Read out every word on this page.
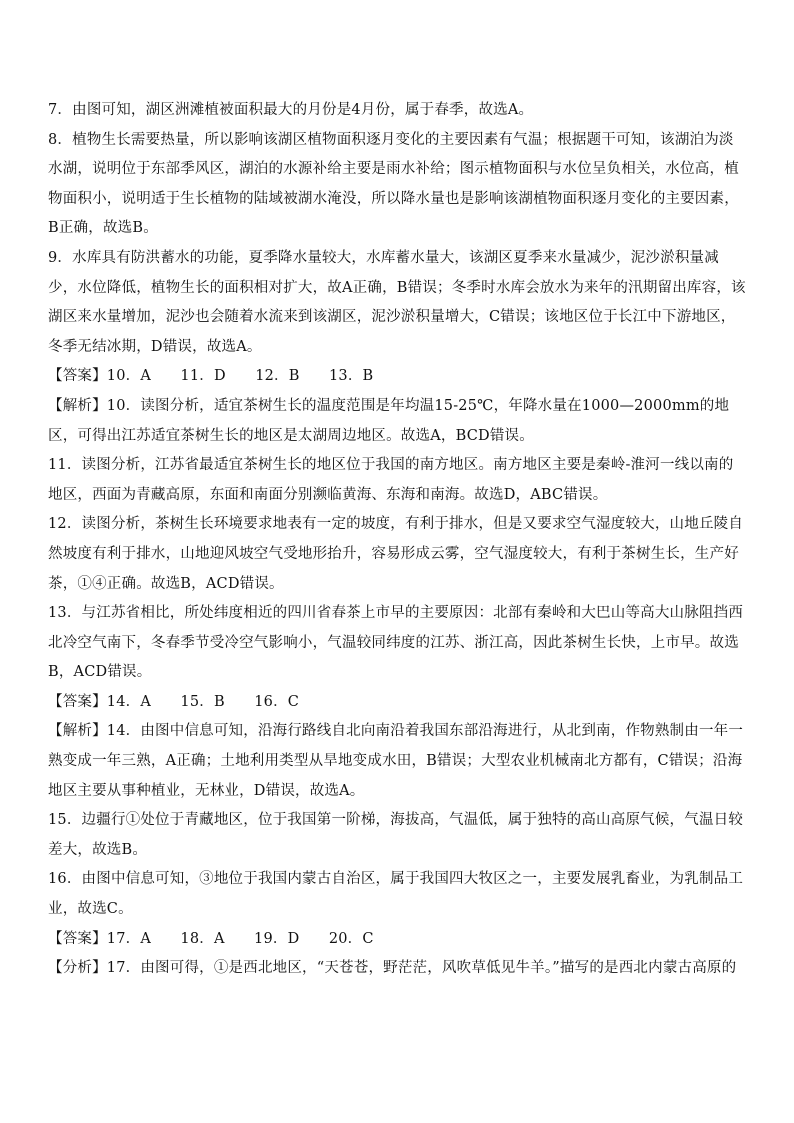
7．由图可知，湖区洲滩植被面积最大的月份是4月份，属于春季，故选A。

8．植物生长需要热量，所以影响该湖区植物面积逐月变化的主要因素有气温；根据题干可知，该湖泊为淡水湖，说明位于东部季风区，湖泊的水源补给主要是雨水补给；图示植物面积与水位呈负相关，水位高，植物面积小，说明适于生长植物的陆域被湖水淹没，所以降水量也是影响该湖植物面积逐月变化的主要因素，B正确，故选B。

9．水库具有防洪蓄水的功能，夏季降水量较大，水库蓄水量大，该湖区夏季来水量减少，泥沙淤积量减少，水位降低，植物生长的面积相对扩大，故A正确，B错误；冬季时水库会放水为来年的汛期留出库容，该湖区来水量增加，泥沙也会随着水流来到该湖区，泥沙淤积量增大，C错误；该地区位于长江中下游地区，冬季无结冰期，D错误，故选A。

【答案】10．A　　11．D　　12．B　　13．B

【解析】10．读图分析，适宜茶树生长的温度范围是年均温15-25℃，年降水量在1000—2000mm的地区，可得出江苏适宜茶树生长的地区是太湖周边地区。故选A，BCD错误。

11．读图分析，江苏省最适宜茶树生长的地区位于我国的南方地区。南方地区主要是秦岭-淮河一线以南的地区，西面为青藏高原，东面和南面分别濒临黄海、东海和南海。故选D，ABC错误。

12．读图分析，茶树生长环境要求地表有一定的坡度，有利于排水，但是又要求空气湿度较大，山地丘陵自然坡度有利于排水，山地迎风坡空气受地形抬升，容易形成云雾，空气湿度较大，有利于茶树生长，生产好茶，①④正确。故选B，ACD错误。

13．与江苏省相比，所处纬度相近的四川省春茶上市早的主要原因：北部有秦岭和大巴山等高大山脉阻挡西北冷空气南下，冬春季节受冷空气影响小，气温较同纬度的江苏、浙江高，因此茶树生长快，上市早。故选B，ACD错误。

【答案】14．A　　15．B　　16．C

【解析】14．由图中信息可知，沿海行路线自北向南沿着我国东部沿海进行，从北到南，作物熟制由一年一熟变成一年三熟，A正确；土地利用类型从旱地变成水田，B错误；大型农业机械南北方都有，C错误；沿海地区主要从事种植业，无林业，D错误，故选A。

15．边疆行①处位于青藏地区，位于我国第一阶梯，海拔高，气温低，属于独特的高山高原气候，气温日较差大，故选B。

16．由图中信息可知，③地位于我国内蒙古自治区，属于我国四大牧区之一，主要发展乳畜业，为乳制品工业，故选C。

【答案】17．A　　18．A　　19．D　　20．C

【分析】17．由图可得，①是西北地区，“天苍苍，野茫茫，风吹草低见牛羊。”描写的是西北内蒙古高原的
